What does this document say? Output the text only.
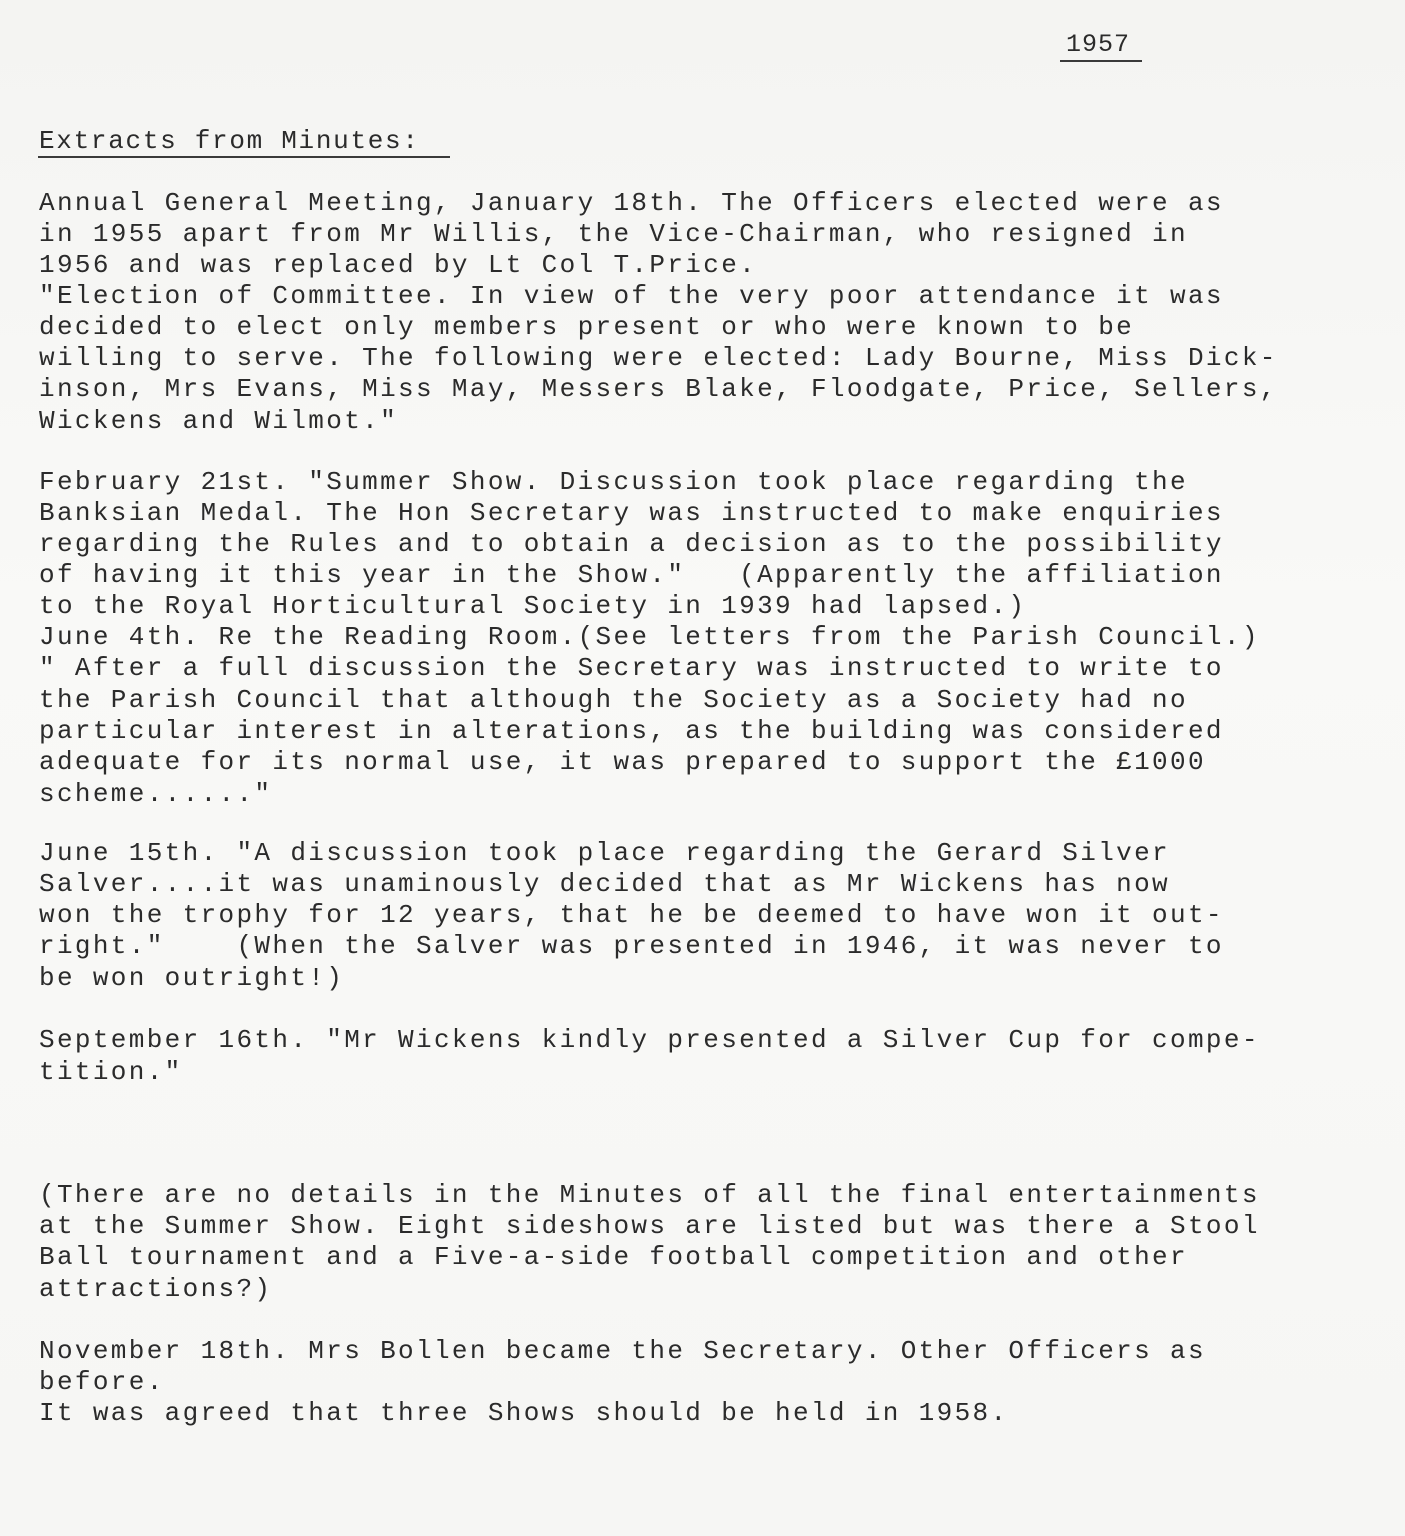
1957
Extracts from Minutes:
Annual General Meeting, January 18th. The Officers elected were as
in 1955 apart from Mr Willis, the Vice-Chairman, who resigned in
1956 and was replaced by Lt Col T.Price.
"Election of Committee. In view of the very poor attendance it was
decided to elect only members present or who were known to be
willing to serve. The following were elected: Lady Bourne, Miss Dick-
inson, Mrs Evans, Miss May, Messers Blake, Floodgate, Price, Sellers,
Wickens and Wilmot."
February 21st. "Summer Show. Discussion took place regarding the
Banksian Medal. The Hon Secretary was instructed to make enquiries
regarding the Rules and to obtain a decision as to the possibility
of having it this year in the Show."   (Apparently the affiliation
to the Royal Horticultural Society in 1939 had lapsed.)
June 4th. Re the Reading Room.(See letters from the Parish Council.)
" After a full discussion the Secretary was instructed to write to
the Parish Council that although the Society as a Society had no
particular interest in alterations, as the building was considered
adequate for its normal use, it was prepared to support the £1000
scheme......"
June 15th. "A discussion took place regarding the Gerard Silver
Salver....it was unaminously decided that as Mr Wickens has now
won the trophy for 12 years, that he be deemed to have won it out-
right."    (When the Salver was presented in 1946, it was never to
be won outright!)
September 16th. "Mr Wickens kindly presented a Silver Cup for compe-
tition."
(There are no details in the Minutes of all the final entertainments
at the Summer Show. Eight sideshows are listed but was there a Stool
Ball tournament and a Five-a-side football competition and other
attractions?)
November 18th. Mrs Bollen became the Secretary. Other Officers as
before.
It was agreed that three Shows should be held in 1958.
